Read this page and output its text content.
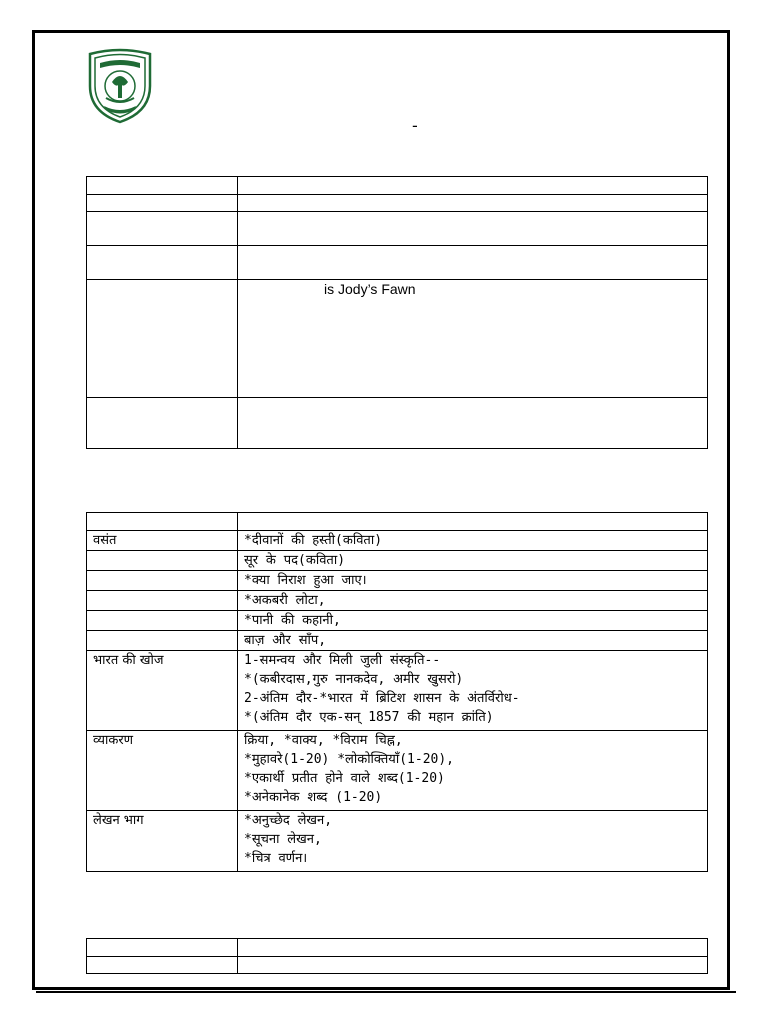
-

	is Jody’s Fawn

वसंत	*दीवानों की हस्ती(कविता)

	सूर के पद(कविता)

	*क्या निराश हुआ जाए।

	*अकबरी लोटा,

	*पानी की कहानी,

	बाज़ और साँप,

भारत की खोज	1-समन्वय और मिली जुली संस्कृति--
*(कबीरदास,गुरु नानकदेव, अमीर खुसरो)
2-अंतिम दौर-*भारत में ब्रिटिश शासन के अंतर्विरोध-
*(अंतिम दौर एक-सन् 1857 की महान क्रांति)

व्याकरण	क्रिया, *वाक्य, *विराम चिह्न,
*मुहावरे(1-20) *लोकोक्तियाँ(1-20),
*एकार्थी प्रतीत होने वाले शब्द(1-20)
*अनेकानेक शब्द (1-20)

लेखन भाग	*अनुच्छेद लेखन,
*सूचना लेखन,
*चित्र वर्णन।
